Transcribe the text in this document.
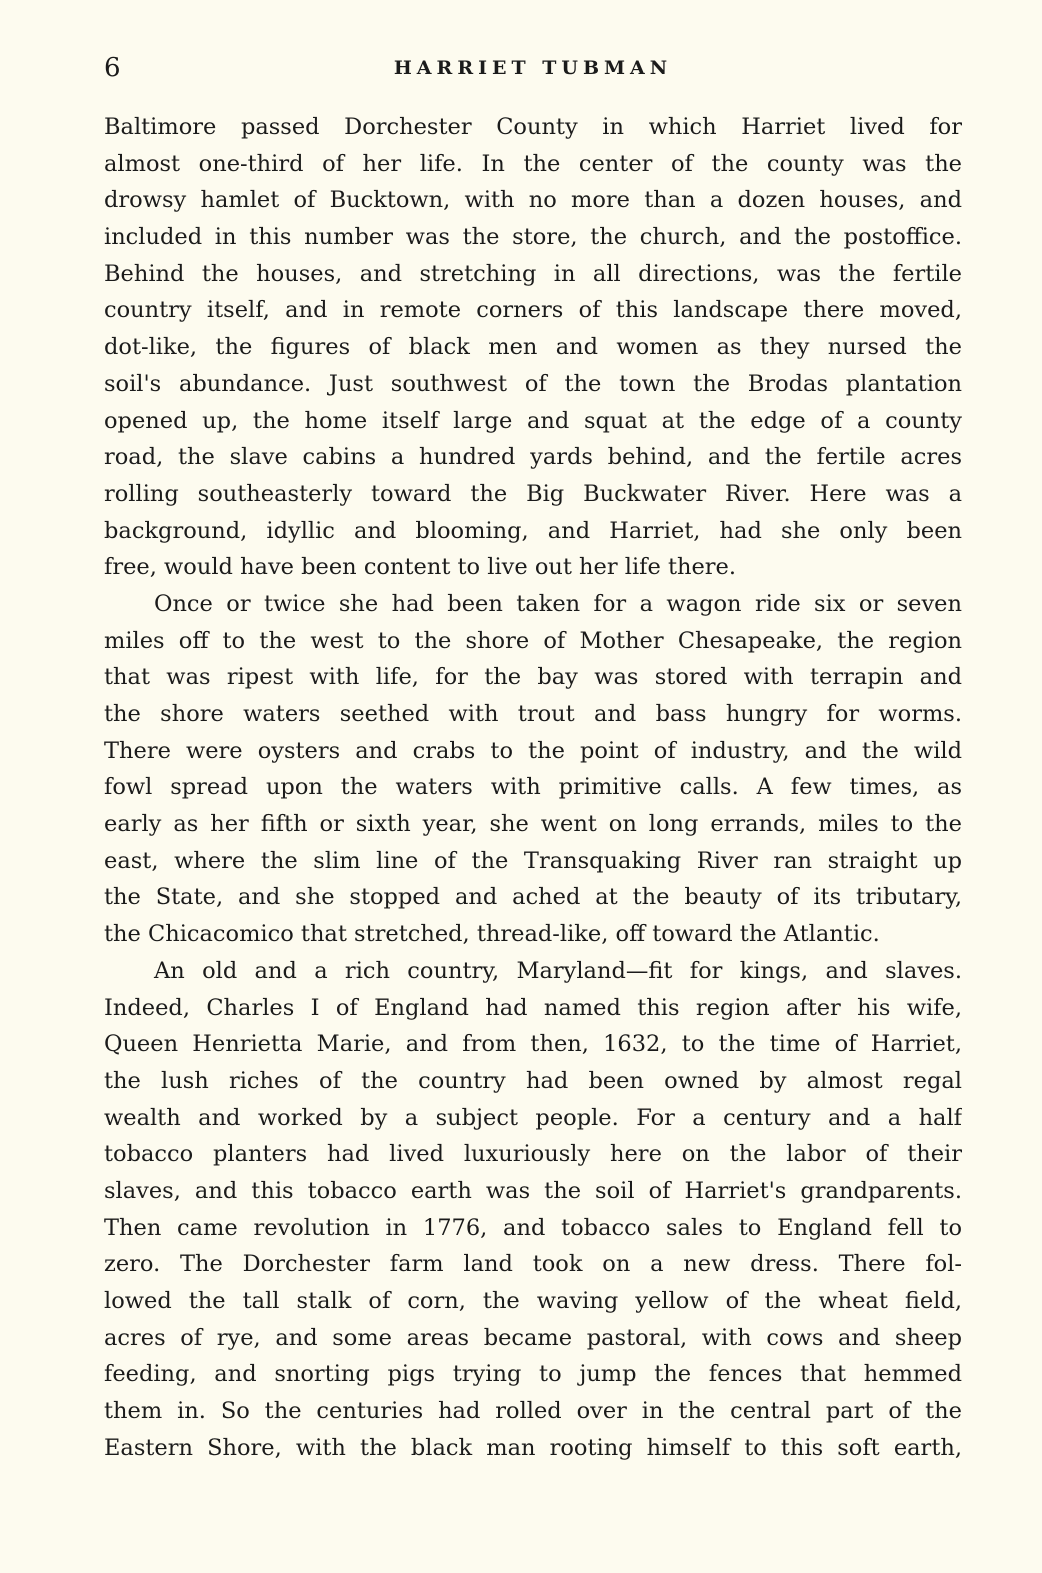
6	HARRIET TUBMAN
Baltimore passed Dorchester County in which Harriet lived for
almost one-third of her life. In the center of the county was the
drowsy hamlet of Bucktown, with no more than a dozen houses, and
included in this number was the store, the church, and the postoffice.
Behind the houses, and stretching in all directions, was the fertile
country itself, and in remote corners of this landscape there moved,
dot-like, the figures of black men and women as they nursed the
soil's abundance. Just southwest of the town the Brodas plantation
opened up, the home itself large and squat at the edge of a county
road, the slave cabins a hundred yards behind, and the fertile acres
rolling southeasterly toward the Big Buckwater River. Here was a
background, idyllic and blooming, and Harriet, had she only been
free, would have been content to live out her life there.
Once or twice she had been taken for a wagon ride six or seven
miles off to the west to the shore of Mother Chesapeake, the region
that was ripest with life, for the bay was stored with terrapin and
the shore waters seethed with trout and bass hungry for worms.
There were oysters and crabs to the point of industry, and the wild
fowl spread upon the waters with primitive calls. A few times, as
early as her fifth or sixth year, she went on long errands, miles to the
east, where the slim line of the Transquaking River ran straight up
the State, and she stopped and ached at the beauty of its tributary,
the Chicacomico that stretched, thread-like, off toward the Atlantic.
An old and a rich country, Maryland—fit for kings, and slaves.
Indeed, Charles I of England had named this region after his wife,
Queen Henrietta Marie, and from then, 1632, to the time of Harriet,
the lush riches of the country had been owned by almost regal
wealth and worked by a subject people. For a century and a half
tobacco planters had lived luxuriously here on the labor of their
slaves, and this tobacco earth was the soil of Harriet's grandparents.
Then came revolution in 1776, and tobacco sales to England fell to
zero. The Dorchester farm land took on a new dress. There fol-
lowed the tall stalk of corn, the waving yellow of the wheat field,
acres of rye, and some areas became pastoral, with cows and sheep
feeding, and snorting pigs trying to jump the fences that hemmed
them in. So the centuries had rolled over in the central part of the
Eastern Shore, with the black man rooting himself to this soft earth,
